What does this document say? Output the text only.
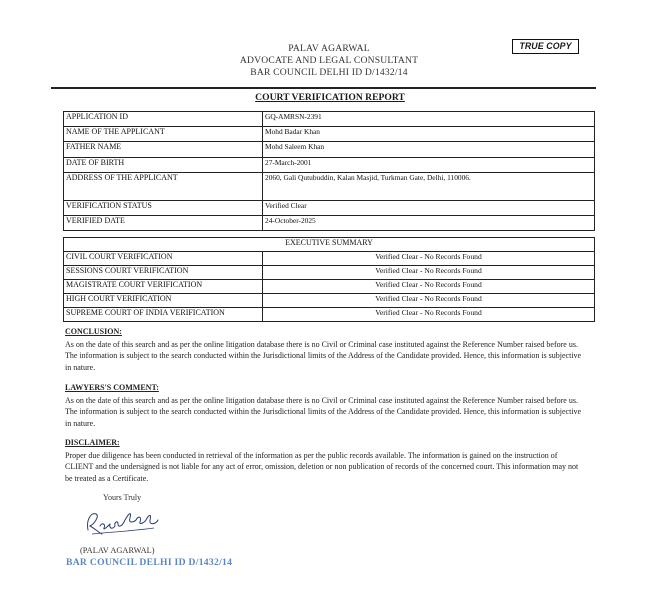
PALAV AGARWAL
ADVOCATE AND LEGAL CONSULTANT
BAR COUNCIL DELHI ID D/1432/14
TRUE COPY
COURT VERIFICATION REPORT
APPLICATION ID	GQ-AMRSN-2391
NAME OF THE APPLICANT	Mohd Badar Khan
FATHER NAME	Mohd Saleem Khan
DATE OF BIRTH	27-March-2001
ADDRESS OF THE APPLICANT	2060, Gali Qutubuddin, Kalan Masjid, Turkman Gate, Delhi, 110006.
VERIFICATION STATUS	Verified Clear
VERIFIED DATE	24-October-2025
EXECUTIVE SUMMARY	
CIVIL COURT VERIFICATION	Verified Clear - No Records Found
SESSIONS COURT VERIFICATION	Verified Clear - No Records Found
MAGISTRATE COURT VERIFICATION	Verified Clear - No Records Found
HIGH COURT VERIFICATION	Verified Clear - No Records Found
SUPREME COURT OF INDIA VERIFICATION	Verified Clear - No Records Found
CONCLUSION:

As on the date of this search and as per the online litigation database there is no Civil or Criminal case instituted against the Reference Number raised before us. The information is subject to the search conducted within the Jurisdictional limits of the Address of the Candidate provided. Hence, this information is subjective in nature.

LAWYERS'S COMMENT:

As on the date of this search and as per the online litigation database there is no Civil or Criminal case instituted against the Reference Number raised before us. The information is subject to the search conducted within the Jurisdictional limits of the Address of the Candidate provided. Hence, this information is subjective in nature.

DISCLAIMER:

Proper due diligence has been conducted in retrieval of the information as per the public records available. The information is gained on the instruction of CLIENT and the undersigned is not liable for any act of error, omission, deletion or non publication of records of the concerned court. This information may not be treated as a Certificate.

Yours Truly
(PALAV AGARWAL)
BAR COUNCIL DELHI ID D/1432/14
